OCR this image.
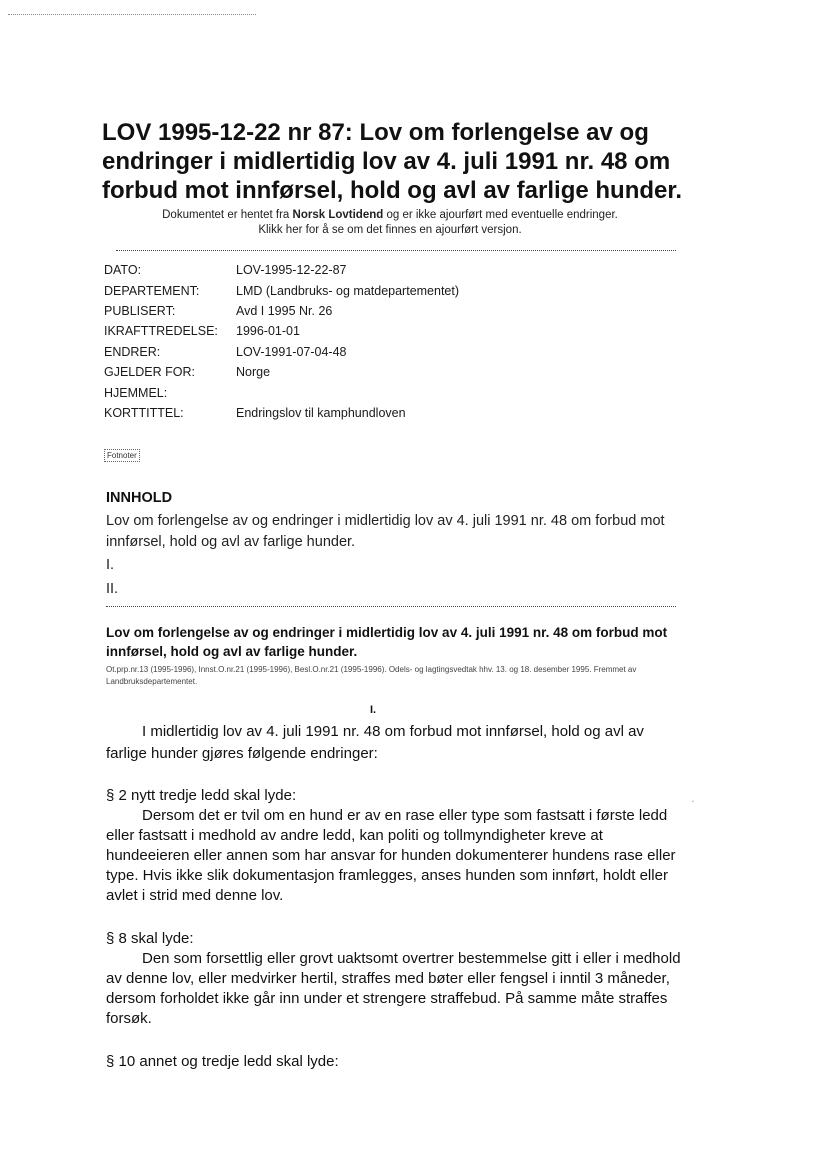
LOV 1995-12-22 nr 87: Lov om forlengelse av og endringer i midlertidig lov av 4. juli 1991 nr. 48 om forbud mot innførsel, hold og avl av farlige hunder.
Dokumentet er hentet fra Norsk Lovtidend og er ikke ajourført med eventuelle endringer.
Klikk her for å se om det finnes en ajourført versjon.
DATO:	LOV-1995-12-22-87
DEPARTEMENT:	LMD (Landbruks- og matdepartementet)
PUBLISERT:	Avd I 1995 Nr. 26
IKRAFTTREDELSE:	1996-01-01
ENDRER:	LOV-1991-07-04-48
GJELDER FOR:	Norge
HJEMMEL:
KORTTITTEL:	Endringslov til kamphundloven
Fotnoter
INNHOLD
Lov om forlengelse av og endringer i midlertidig lov av 4. juli 1991 nr. 48 om forbud mot innførsel, hold og avl av farlige hunder.
I.
II.
Lov om forlengelse av og endringer i midlertidig lov av 4. juli 1991 nr. 48 om forbud mot innførsel, hold og avl av farlige hunder.
Ot.prp.nr.13 (1995-1996), Innst.O.nr.21 (1995-1996), Besl.O.nr.21 (1995-1996). Odels- og lagtingsvedtak hhv. 13. og 18. desember 1995. Fremmet av Landbruksdepartementet.
I.
I midlertidig lov av 4. juli 1991 nr. 48 om forbud mot innførsel, hold og avl av farlige hunder gjøres følgende endringer:
§ 2 nytt tredje ledd skal lyde:
Dersom det er tvil om en hund er av en rase eller type som fastsatt i første ledd eller fastsatt i medhold av andre ledd, kan politi og tollmyndigheter kreve at hundeeieren eller annen som har ansvar for hunden dokumenterer hundens rase eller type. Hvis ikke slik dokumentasjon framlegges, anses hunden som innført, holdt eller avlet i strid med denne lov.
´
§ 8 skal lyde:
Den som forsettlig eller grovt uaktsomt overtrer bestemmelse gitt i eller i medhold av denne lov, eller medvirker hertil, straffes med bøter eller fengsel i inntil 3 måneder, dersom forholdet ikke går inn under et strengere straffebud. På samme måte straffes forsøk.
§ 10 annet og tredje ledd skal lyde:
